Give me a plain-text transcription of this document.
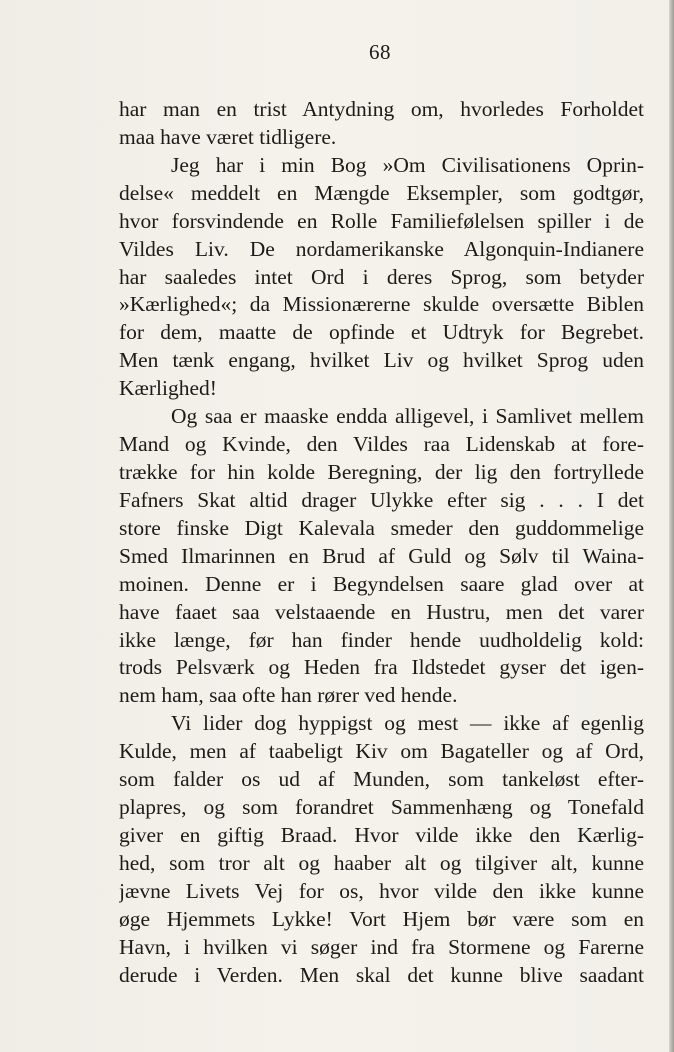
68
har man en trist Antydning om, hvorledes Forholdet
maa have været tidligere.
Jeg har i min Bog »Om Civilisationens Oprin-
delse« meddelt en Mængde Eksempler, som godtgør,
hvor forsvindende en Rolle Familiefølelsen spiller i de
Vildes Liv. De nordamerikanske Algonquin-Indianere
har saaledes intet Ord i deres Sprog, som betyder
»Kærlighed«; da Missionærerne skulde oversætte Biblen
for dem, maatte de opfinde et Udtryk for Begrebet.
Men tænk engang, hvilket Liv og hvilket Sprog uden
Kærlighed!
Og saa er maaske endda alligevel, i Samlivet mellem
Mand og Kvinde, den Vildes raa Lidenskab at fore-
trække for hin kolde Beregning, der lig den fortryllede
Fafners Skat altid drager Ulykke efter sig . . . I det
store finske Digt Kalevala smeder den guddommelige
Smed Ilmarinnen en Brud af Guld og Sølv til Waina-
moinen. Denne er i Begyndelsen saare glad over at
have faaet saa velstaaende en Hustru, men det varer
ikke længe, før han finder hende uudholdelig kold:
trods Pelsværk og Heden fra Ildstedet gyser det igen-
nem ham, saa ofte han rører ved hende.
Vi lider dog hyppigst og mest — ikke af egenlig
Kulde, men af taabeligt Kiv om Bagateller og af Ord,
som falder os ud af Munden, som tankeløst efter-
plapres, og som forandret Sammenhæng og Tonefald
giver en giftig Braad. Hvor vilde ikke den Kærlig-
hed, som tror alt og haaber alt og tilgiver alt, kunne
jævne Livets Vej for os, hvor vilde den ikke kunne
øge Hjemmets Lykke! Vort Hjem bør være som en
Havn, i hvilken vi søger ind fra Stormene og Farerne
derude i Verden. Men skal det kunne blive saadant
